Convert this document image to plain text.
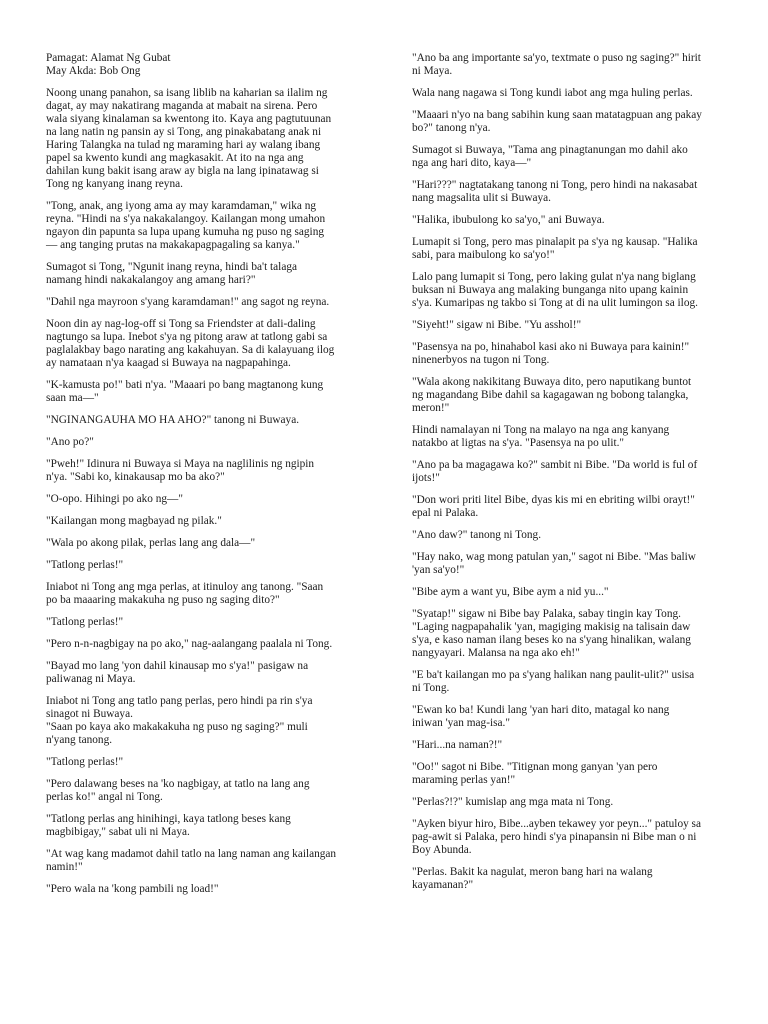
Pamagat: Alamat Ng Gubat
May Akda: Bob Ong
Noong unang panahon, sa isang liblib na kaharian sa ilalim ng
dagat, ay may nakatirang maganda at mabait na sirena. Pero
wala siyang kinalaman sa kwentong ito. Kaya ang pagtutuunan
na lang natin ng pansin ay si Tong, ang pinakabatang anak ni
Haring Talangka na tulad ng maraming hari ay walang ibang
papel sa kwento kundi ang magkasakit. At ito na nga ang
dahilan kung bakit isang araw ay bigla na lang ipinatawag si
Tong ng kanyang inang reyna.
"Tong, anak, ang iyong ama ay may karamdaman," wika ng
reyna. "Hindi na s'ya nakakalangoy. Kailangan mong umahon
ngayon din papunta sa lupa upang kumuha ng puso ng saging
— ang tanging prutas na makakapagpagaling sa kanya."
Sumagot si Tong, "Ngunit inang reyna, hindi ba't talaga
namang hindi nakakalangoy ang amang hari?"
"Dahil nga mayroon s'yang karamdaman!" ang sagot ng reyna.
Noon din ay nag-log-off si Tong sa Friendster at dali-daling
nagtungo sa lupa. Inebot s'ya ng pitong araw at tatlong gabi sa
paglalakbay bago narating ang kakahuyan. Sa di kalayuang ilog
ay namataan n'ya kaagad si Buwaya na nagpapahinga.
"K-kamusta po!" bati n'ya. "Maaari po bang magtanong kung
saan ma—"
"NGINANGAUHA MO HA AHO?" tanong ni Buwaya.
"Ano po?"
"Pweh!" Idinura ni Buwaya si Maya na naglilinis ng ngipin
n'ya. "Sabi ko, kinakausap mo ba ako?"
"O-opo. Hihingi po ako ng—"
"Kailangan mong magbayad ng pilak."
"Wala po akong pilak, perlas lang ang dala—"
"Tatlong perlas!"
Iniabot ni Tong ang mga perlas, at itinuloy ang tanong. "Saan
po ba maaaring makakuha ng puso ng saging dito?"
"Tatlong perlas!"
"Pero n-n-nagbigay na po ako," nag-aalangang paalala ni Tong.
"Bayad mo lang 'yon dahil kinausap mo s'ya!" pasigaw na
paliwanag ni Maya.
Iniabot ni Tong ang tatlo pang perlas, pero hindi pa rin s'ya
sinagot ni Buwaya.
"Saan po kaya ako makakakuha ng puso ng saging?" muli
n'yang tanong.
"Tatlong perlas!"
"Pero dalawang beses na 'ko nagbigay, at tatlo na lang ang
perlas ko!" angal ni Tong.
"Tatlong perlas ang hinihingi, kaya tatlong beses kang
magbibigay," sabat uli ni Maya.
"At wag kang madamot dahil tatlo na lang naman ang kailangan
namin!"
"Pero wala na 'kong pambili ng load!"
"Ano ba ang importante sa'yo, textmate o puso ng saging?" hirit
ni Maya.
Wala nang nagawa si Tong kundi iabot ang mga huling perlas.
"Maaari n'yo na bang sabihin kung saan matatagpuan ang pakay
bo?" tanong n'ya.
Sumagot si Buwaya, "Tama ang pinagtanungan mo dahil ako
nga ang hari dito, kaya—"
"Hari???" nagtatakang tanong ni Tong, pero hindi na nakasabat
nang magsalita ulit si Buwaya.
"Halika, ibubulong ko sa'yo," ani Buwaya.
Lumapit si Tong, pero mas pinalapit pa s'ya ng kausap. "Halika
sabi, para maibulong ko sa'yo!"
Lalo pang lumapit si Tong, pero laking gulat n'ya nang biglang
buksan ni Buwaya ang malaking bunganga nito upang kainin
s'ya. Kumaripas ng takbo si Tong at di na ulit lumingon sa ilog.
"Siyeht!" sigaw ni Bibe. "Yu asshol!"
"Pasensya na po, hinahabol kasi ako ni Buwaya para kainin!"
ninenerbyos na tugon ni Tong.
"Wala akong nakikitang Buwaya dito, pero naputikang buntot
ng magandang Bibe dahil sa kagagawan ng bobong talangka,
meron!"
Hindi namalayan ni Tong na malayo na nga ang kanyang
natakbo at ligtas na s'ya. "Pasensya na po ulit."
"Ano pa ba magagawa ko?" sambit ni Bibe. "Da world is ful of
ijots!"
"Don wori priti litel Bibe, dyas kis mi en ebriting wilbi orayt!"
epal ni Palaka.
"Ano daw?" tanong ni Tong.
"Hay nako, wag mong patulan yan," sagot ni Bibe. "Mas baliw
'yan sa'yo!"
"Bibe aym a want yu, Bibe aym a nid yu..."
"Syatap!" sigaw ni Bibe bay Palaka, sabay tingin kay Tong.
"Laging nagpapahalik 'yan, magiging makisig na talisain daw
s'ya, e kaso naman ilang beses ko na s'yang hinalikan, walang
nangyayari. Malansa na nga ako eh!"
"E ba't kailangan mo pa s'yang halikan nang paulit-ulit?" usisa
ni Tong.
"Ewan ko ba! Kundi lang 'yan hari dito, matagal ko nang
iniwan 'yan mag-isa."
"Hari...na naman?!"
"Oo!" sagot ni Bibe. "Titignan mong ganyan 'yan pero
maraming perlas yan!"
"Perlas?!?" kumislap ang mga mata ni Tong.
"Ayken biyur hiro, Bibe...ayben tekawey yor peyn..." patuloy sa
pag-awit si Palaka, pero hindi s'ya pinapansin ni Bibe man o ni
Boy Abunda.
"Perlas. Bakit ka nagulat, meron bang hari na walang
kayamanan?"
